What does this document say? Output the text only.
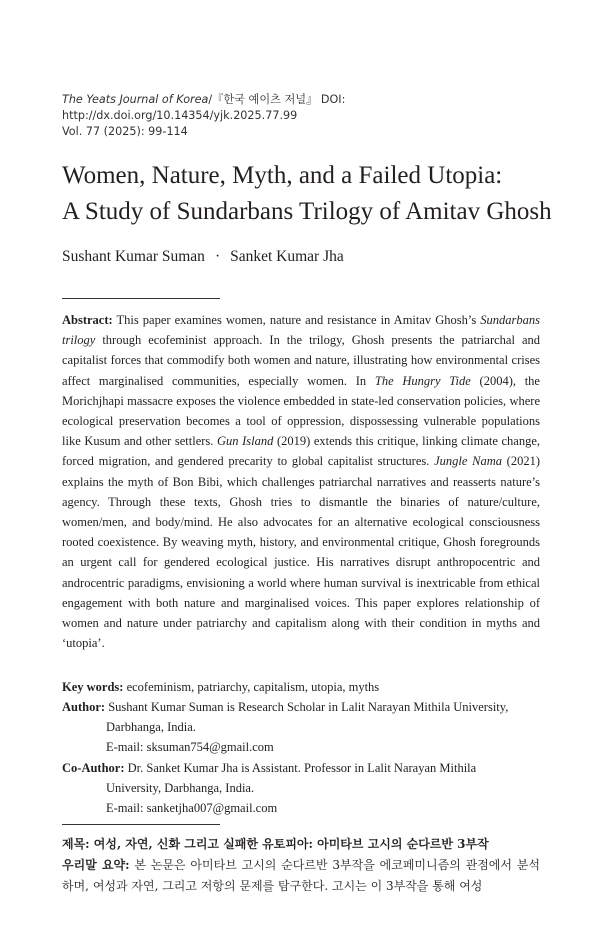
The Yeats Journal of Korea/『한국 예이츠 저널』 DOI: http://dx.doi.org/10.14354/yjk.2025.77.99
Vol. 77 (2025): 99-114
Women, Nature, Myth, and a Failed Utopia:
A Study of Sundarbans Trilogy of Amitav Ghosh
Sushant Kumar Suman · Sanket Kumar Jha
Abstract: This paper examines women, nature and resistance in Amitav Ghosh’s Sundarbans trilogy through ecofeminist approach. In the trilogy, Ghosh presents the patriarchal and capitalist forces that commodify both women and nature, illustrating how environmental crises affect marginalised communities, especially women. In The Hungry Tide (2004), the Morichjhapi massacre exposes the violence embedded in state-led conservation policies, where ecological preservation becomes a tool of oppression, dispossessing vulnerable populations like Kusum and other settlers. Gun Island (2019) extends this critique, linking climate change, forced migration, and gendered precarity to global capitalist structures. Jungle Nama (2021) explains the myth of Bon Bibi, which challenges patriarchal narratives and reasserts nature’s agency. Through these texts, Ghosh tries to dismantle the binaries of nature/culture, women/men, and body/mind. He also advocates for an alternative ecological consciousness rooted coexistence. By weaving myth, history, and environmental critique, Ghosh foregrounds an urgent call for gendered ecological justice. His narratives disrupt anthropocentric and androcentric paradigms, envisioning a world where human survival is inextricable from ethical engagement with both nature and marginalised voices. This paper explores relationship of women and nature under patriarchy and capitalism along with their condition in myths and ‘utopia’.
Key words: ecofeminism, patriarchy, capitalism, utopia, myths
Author: Sushant Kumar Suman is Research Scholar in Lalit Narayan Mithila University,
Darbhanga, India.
E-mail: sksuman754@gmail.com
Co-Author: Dr. Sanket Kumar Jha is Assistant. Professor in Lalit Narayan Mithila
University, Darbhanga, India.
E-mail: sanketjha007@gmail.com
제목: 여성, 자연, 신화 그리고 실패한 유토피아: 아미타브 고시의 순다르반 3부작
우리말 요약: 본 논문은 아미타브 고시의 순다르반 3부작을 에코페미니즘의 관점에서 분석하며, 여성과 자연, 그리고 저항의 문제를 탐구한다. 고시는 이 3부작을 통해 여성
